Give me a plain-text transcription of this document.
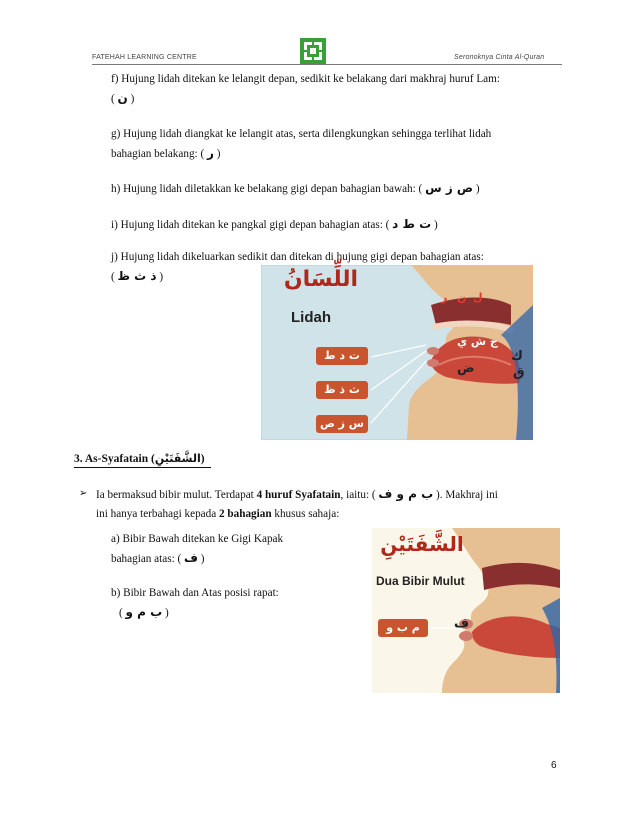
FATEHAH LEARNING CENTRE	Seronoknya Cinta Al-Quran
f) Hujung lidah ditekan ke lelangit depan, sedikit ke belakang dari makhraj huruf Lam:
( ن )
g) Hujung lidah diangkat ke lelangit atas, serta dilengkungkan sehingga terlihat lidah
bahagian belakang: ( ر )
h) Hujung lidah diletakkan ke belakang gigi depan bahagian bawah: ( ص ز س )
i) Hujung lidah ditekan ke pangkal gigi depan bahagian atas: ( ت ط د )
j) Hujung lidah dikeluarkan sedikit dan ditekan di hujung gigi depan bahagian atas:
( ذ ث ظ )	اللِّسَانُ
Lidah
ت د ط
ث ذ ظ
س ز ص
ر ن ل
ج ش ي
ك
ض	ق
3. As-Syafatain (الشَّفَتَيْنِ)
➢ Ia bermaksud bibir mulut. Terdapat 4 huruf Syafatain, iaitu: ( ب م و ف ). Makhraj ini
ini hanya terbahagi kepada 2 bahagian khusus sahaja:
a) Bibir Bawah ditekan ke Gigi Kapak
bahagian atas: ( ف )
b) Bibir Bawah dan Atas posisi rapat:
( ب م و )
الشَّفَتَيْنِ
Dua Bibir Mulut
م ب و	ف
6
